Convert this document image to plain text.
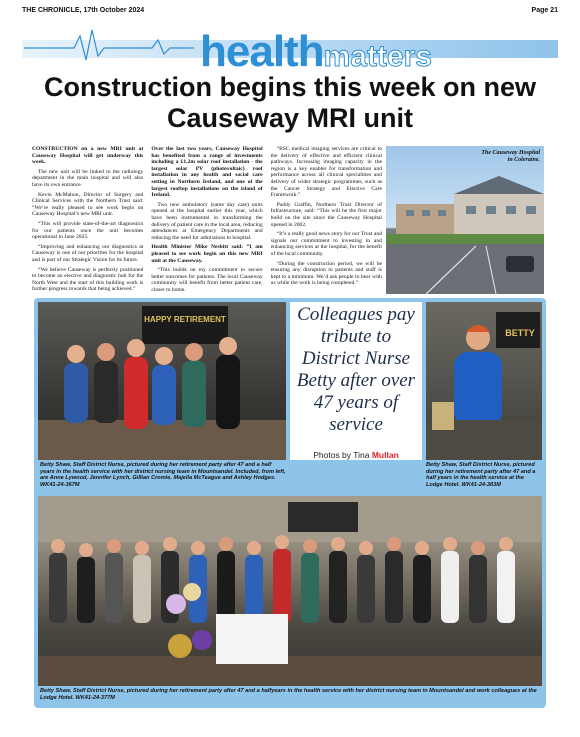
THE CHRONICLE, 17th October 2024	Page 21
healthmatters
Construction begins this week on new Causeway MRI unit

CONSTRUCTION on a new MRI unit at Causeway Hospital will get underway this week.

The new unit will be linked to the radiology department in the main hospital and will also have its own entrance.

Kevin McMahon, Director of Surgery and Clinical Services with the Northern Trust said: “We’re really pleased to see work begin on Causeway Hospital’s new MRI unit.

“This will provide state-of-the-art diagnostics for our patients once the unit becomes operational in June 2025.

“Improving and enhancing our diagnostics at Causeway is one of our priorities for the hospital and is part of our Strategic Vision for its future.

“We believe Causeway is perfectly positioned to become an elective and diagnostic hub for the North West and the start of this building work is further progress towards that being achieved.”

Over the last two years, Causeway Hospital has benefited from a range of investments including a £1.2m solar roof installation - the largest solar PV (photovoltaic) roof installation in any health and social care setting in Northern Ireland, and one of the largest rooftop installations on the island of Ireland.

Two new ambulatory (same day care) units opened at the hospital earlier this year, which have been instrumental in transforming the delivery of patient care in the local area, reducing attendances at Emergency Departments and reducing the need for admissions to hospital.

Health Minister Mike Nesbitt said: “I am pleased to see work begin on this new MRI unit at the Causeway.

“This builds on my commitment to secure better outcomes for patients. The local Causeway community will benefit from better patient care, closer to home.

“BSC medical imaging services are critical to the delivery of effective and efficient clinical pathways. Increasing imaging capacity in the region is a key enabler for transformation and performance across all clinical specialities and delivery of wider strategic programmes, such as the Cancer Strategy and Elective Care Framework.”

Paddy Graffin, Northern Trust Director of Infrastructure, said: “This will be the first major build on the site since the Causeway Hospital opened in 2002.

“It’s a really good news story for our Trust and signals our commitment to investing in and enhancing services at the hospital, for the benefit of the local community.

“During the construction period, we will be ensuring any disruption to patients and staff is kept to a minimum. We’d ask people to bear with us while the work is being completed.”

The Causeway Hospital in Coleraine.
HAPPY RETIREMENT	Colleagues pay tribute to District Nurse Betty after over 47 years of service
Photos by Tina Mullan
BETTY
Betty Shaw, Staff District Nurse, pictured during her retirement party after 47 and a half years in the health service with her district nursing team in Mountsandel. Included, from left, are Anne Lywood, Jennifer Lynch, Gillian Cromie, Majella McTeague and Ashley Hodges. WK41-24-367M
Betty Shaw, Staff District Nurse, pictured during her retirement party after 47 and a half years in the health service at the Lodge Hotel. WK41-24-383M
Betty Shaw, Staff District Nurse, pictured during her retirement party after 47 and a halfyears in the health service with her district nursing team in Mountsandel and work colleagues at the Lodge Hotel. WK41-24-377M
